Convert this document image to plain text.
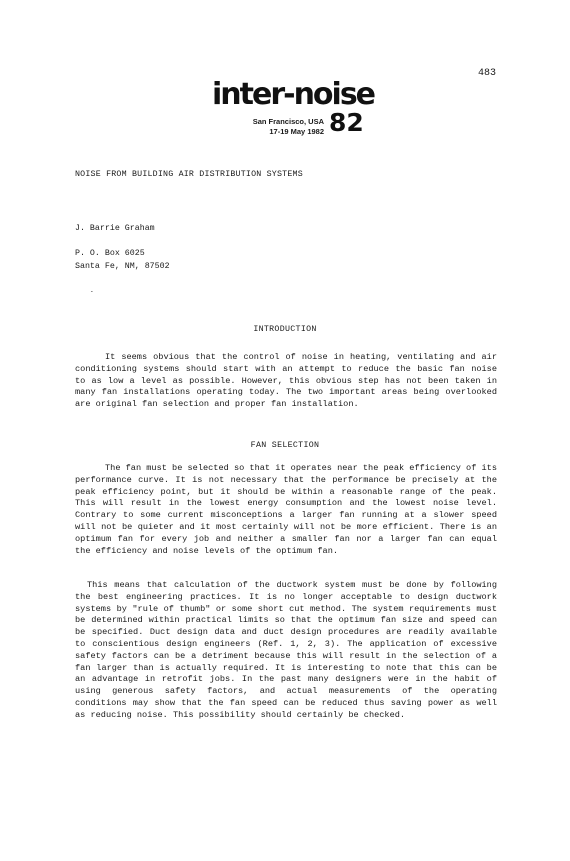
483
inter-noise
82
San Francisco, USA
17-19 May 1982
NOISE FROM BUILDING AIR DISTRIBUTION SYSTEMS
J. Barrie Graham
P. O. Box 6025
Santa Fe, NM, 87502
-
INTRODUCTION
It seems obvious that the control of noise in heating, ventilating and air conditioning systems should start with an attempt to reduce the basic fan noise to as low a level as possible. However, this obvious step has not been taken in many fan installations operating today. The two important areas being overlooked are original fan selection and proper fan installation.
FAN SELECTION
The fan must be selected so that it operates near the peak efficiency of its performance curve. It is not necessary that the performance be precisely at the peak efficiency point, but it should be within a reasonable range of the peak. This will result in the lowest energy consumption and the lowest noise level. Contrary to some current misconceptions a larger fan running at a slower speed will not be quieter and it most certainly will not be more efficient. There is an optimum fan for every job and neither a smaller fan nor a larger fan can equal the efficiency and noise levels of the optimum fan.
This means that calculation of the ductwork system must be done by following the best engineering practices. It is no longer acceptable to design ductwork systems by "rule of thumb" or some short cut method. The system requirements must be determined within practical limits so that the optimum fan size and speed can be specified. Duct design data and duct design procedures are readily available to conscientious design engineers (Ref. 1, 2, 3). The application of excessive safety factors can be a detriment because this will result in the selection of a fan larger than is actually required. It is interesting to note that this can be an advantage in retrofit jobs. In the past many designers were in the habit of using generous safety factors, and actual measurements of the operating conditions may show that the fan speed can be reduced thus saving power as well as reducing noise. This possibility should certainly be checked.
